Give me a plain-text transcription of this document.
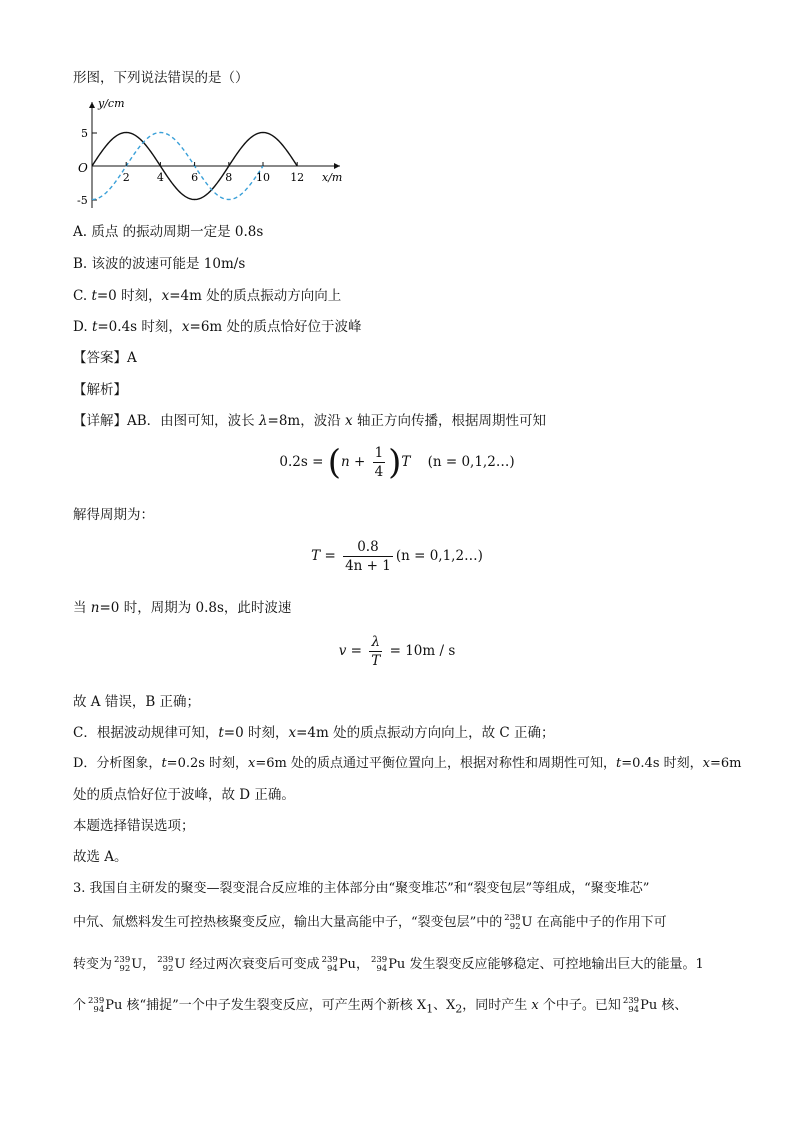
形图，下列说法错误的是（）
y/cm
x/m
O
5
-5
2 4 6 8 10 12
A. 质点 的振动周期一定是 0.8s
B. 该波的波速可能是 10m/s
C. t=0 时刻，x=4m 处的质点振动方向向上
D. t=0.4s 时刻，x=6m 处的质点恰好位于波峰
【答案】A
【解析】
【详解】AB．由图可知，波长 λ=8m，波沿 x 轴正方向传播，根据周期性可知
$0.2s = (n + \frac{1}{4} )T$ (n = 0,1,2…)
解得周期为：
$T = \frac{0.8}{4n + 1} (n$ = 0,1,2…)
当 n=0 时，周期为 0.8s，此时波速
$v = \frac{\lambda}{T} = 10m / s$
故 A 错误，B 正确；
C．根据波动规律可知，t=0 时刻，x=4m 处的质点振动方向向上，故 C 正确；
D．分析图象，t=0.2s 时刻，x=6m 处的质点通过平衡位置向上，根据对称性和周期性可知，t=0.4s 时刻，x=6m
处的质点恰好位于波峰，故 D 正确。
本题选择错误选项；
故选 A。
3. 我国自主研发的聚变—裂变混合反应堆的主体部分由“聚变堆芯”和“裂变包层”等组成，“聚变堆芯”
中氘、氚燃料发生可控热核聚变反应，输出大量高能中子，“裂变包层”中的 238
92 U 在高能中子的作用下可
转变为 239
92 U， 239
92 U 经过两次衰变后可变成 239
94 Pu， 239
94 Pu 发生裂变反应能够稳定、可控地输出巨大的能量。1
个 239
94 Pu 核“捕捉”一个中子发生裂变反应，可产生两个新核 $X_1$、$X_2$，同时产生 x 个中子。已知 239
94 Pu 核、
